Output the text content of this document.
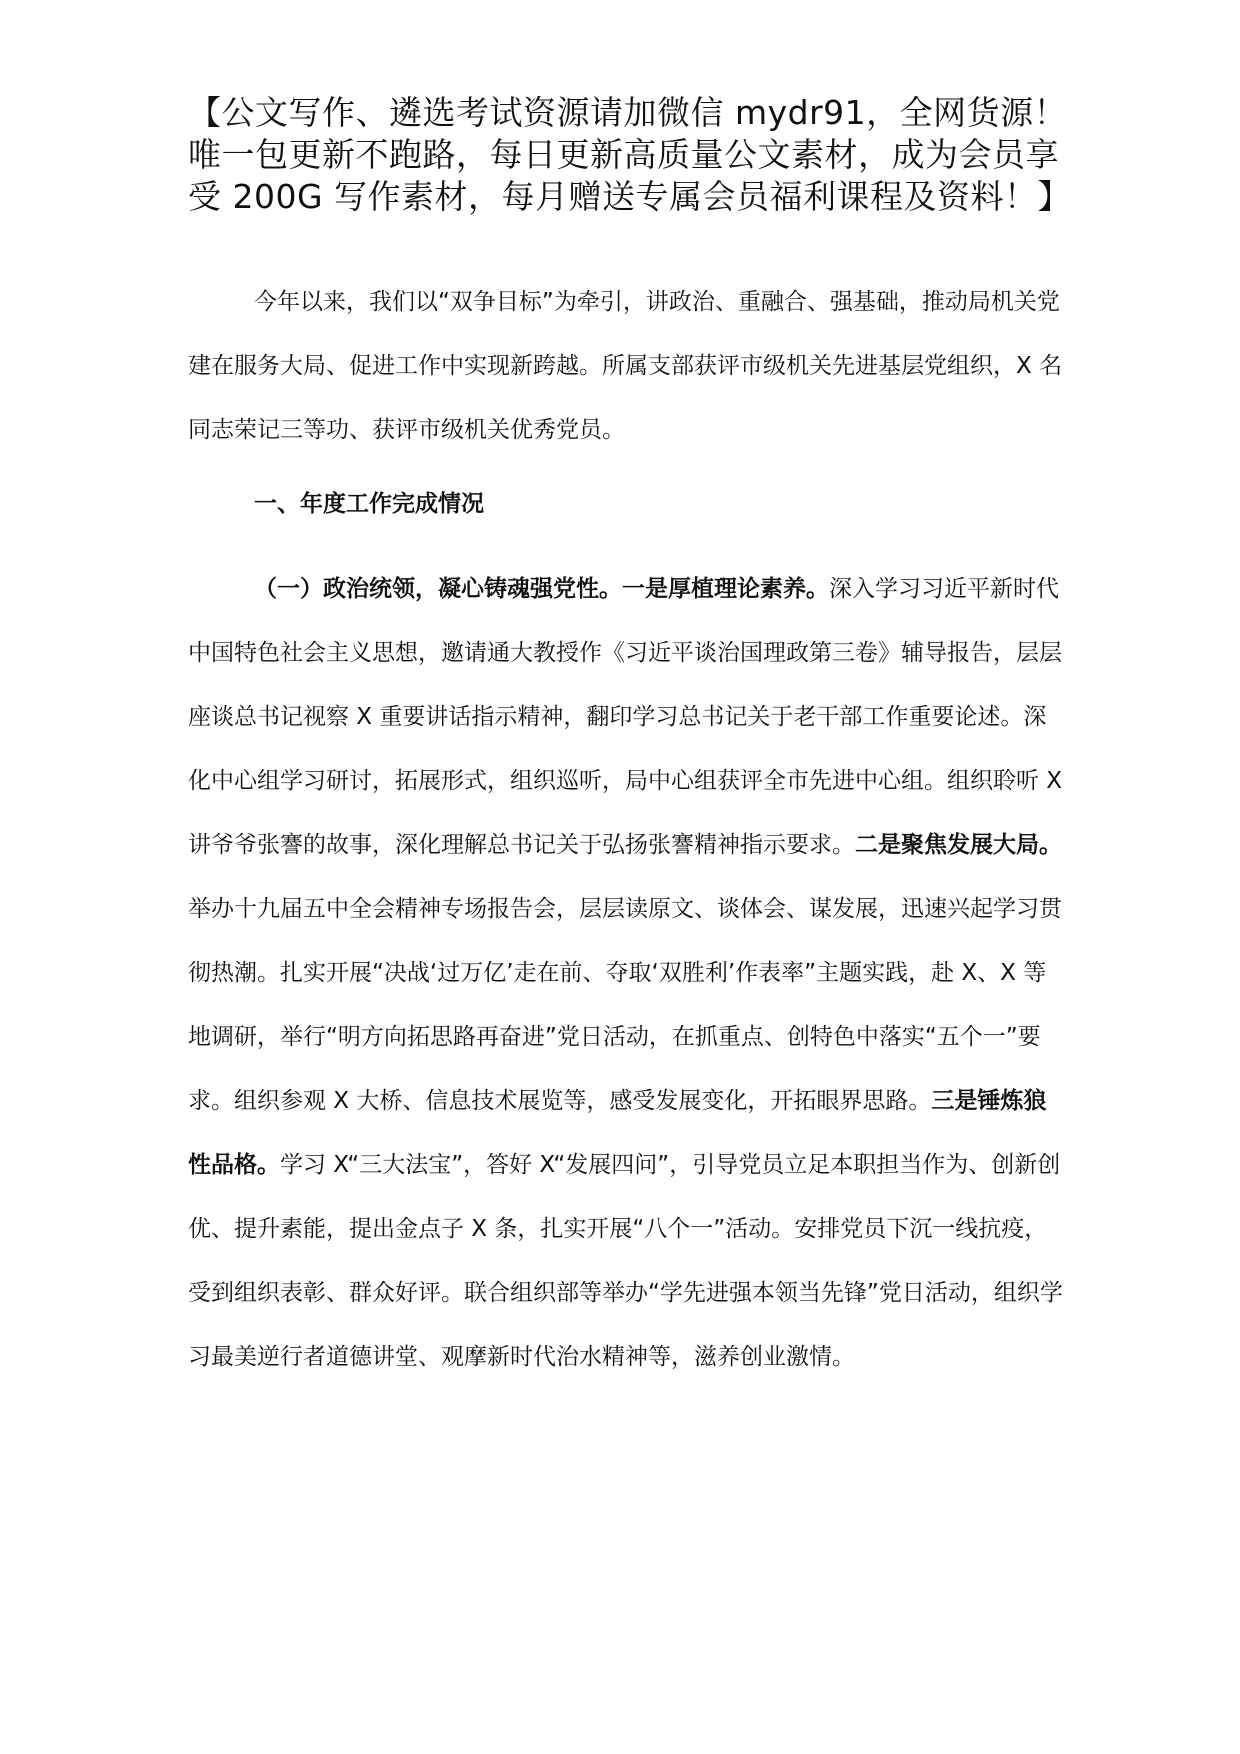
【公文写作、遴选考试资源请加微信 mydr91，全网货源！唯一包更新不跑路，每日更新高质量公文素材，成为会员享受 200G 写作素材，每月赠送专属会员福利课程及资料！】
今年以来，我们以“双争目标”为牵引，讲政治、重融合、强基础，推动局机关党建在服务大局、促进工作中实现新跨越。所属支部获评市级机关先进基层党组织，X 名同志荣记三等功、获评市级机关优秀党员。
一、年度工作完成情况
（一）政治统领，凝心铸魂强党性。一是厚植理论素养。深入学习习近平新时代中国特色社会主义思想，邀请通大教授作《习近平谈治国理政第三卷》辅导报告，层层座谈总书记视察 X 重要讲话指示精神，翻印学习总书记关于老干部工作重要论述。深化中心组学习研讨，拓展形式，组织巡听，局中心组获评全市先进中心组。组织聆听 X 讲爷爷张謇的故事，深化理解总书记关于弘扬张謇精神指示要求。二是聚焦发展大局。举办十九届五中全会精神专场报告会，层层读原文、谈体会、谋发展，迅速兴起学习贯彻热潮。扎实开展“决战‘过万亿’走在前、夺取‘双胜利’作表率”主题实践，赴 X、X 等地调研，举行“明方向拓思路再奋进”党日活动，在抓重点、创特色中落实“五个一”要求。组织参观 X 大桥、信息技术展览等，感受发展变化，开拓眼界思路。三是锤炼狼性品格。学习 X“三大法宝”，答好 X“发展四问”，引导党员立足本职担当作为、创新创优、提升素能，提出金点子 X 条，扎实开展“八个一”活动。安排党员下沉一线抗疫，受到组织表彰、群众好评。联合组织部等举办“学先进强本领当先锋”党日活动，组织学习最美逆行者道德讲堂、观摩新时代治水精神等，滋养创业激情。
